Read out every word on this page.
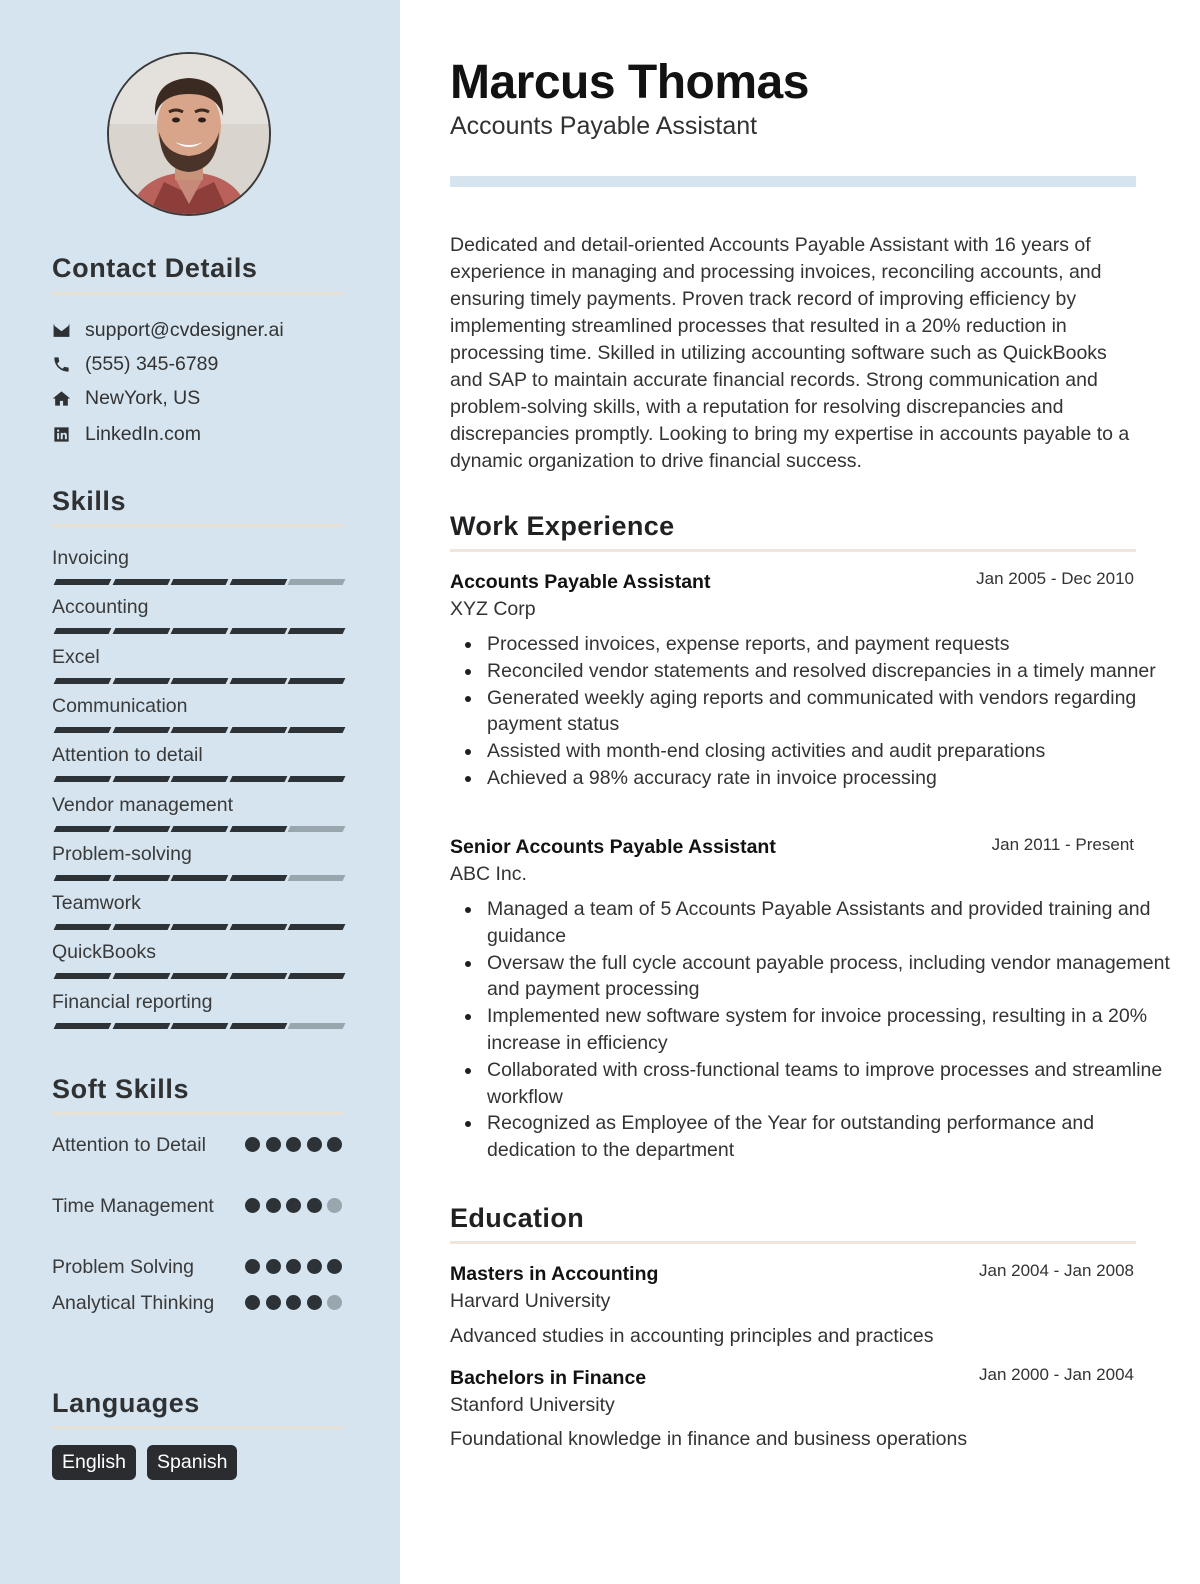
Contact Details
support@cvdesigner.ai
(555) 345-6789
NewYork, US
LinkedIn.com
Skills
Invoicing
Accounting
Excel
Communication
Attention to detail
Vendor management
Problem-solving
Teamwork
QuickBooks
Financial reporting
Soft Skills
Attention to Detail
Time Management
Problem Solving
Analytical Thinking
Languages
English	Spanish
Marcus Thomas
Accounts Payable Assistant

Dedicated and detail-oriented Accounts Payable Assistant with 16 years of experience in managing and processing invoices, reconciling accounts, and ensuring timely payments. Proven track record of improving efficiency by implementing streamlined processes that resulted in a 20% reduction in processing time. Skilled in utilizing accounting software such as QuickBooks and SAP to maintain accurate financial records. Strong communication and problem-solving skills, with a reputation for resolving discrepancies and discrepancies promptly. Looking to bring my expertise in accounts payable to a dynamic organization to drive financial success.

Work Experience
Accounts Payable Assistant	Jan 2005 - Dec 2010
XYZ Corp
Processed invoices, expense reports, and payment requests
Reconciled vendor statements and resolved discrepancies in a timely manner
Generated weekly aging reports and communicated with vendors regarding payment status
Assisted with month-end closing activities and audit preparations
Achieved a 98% accuracy rate in invoice processing
Senior Accounts Payable Assistant	Jan 2011 - Present
ABC Inc.
Managed a team of 5 Accounts Payable Assistants and provided training and guidance
Oversaw the full cycle account payable process, including vendor management and payment processing
Implemented new software system for invoice processing, resulting in a 20% increase in efficiency
Collaborated with cross-functional teams to improve processes and streamline workflow
Recognized as Employee of the Year for outstanding performance and dedication to the department
Education
Masters in Accounting	Jan 2004 - Jan 2008
Harvard University
Advanced studies in accounting principles and practices
Bachelors in Finance	Jan 2000 - Jan 2004
Stanford University
Foundational knowledge in finance and business operations
